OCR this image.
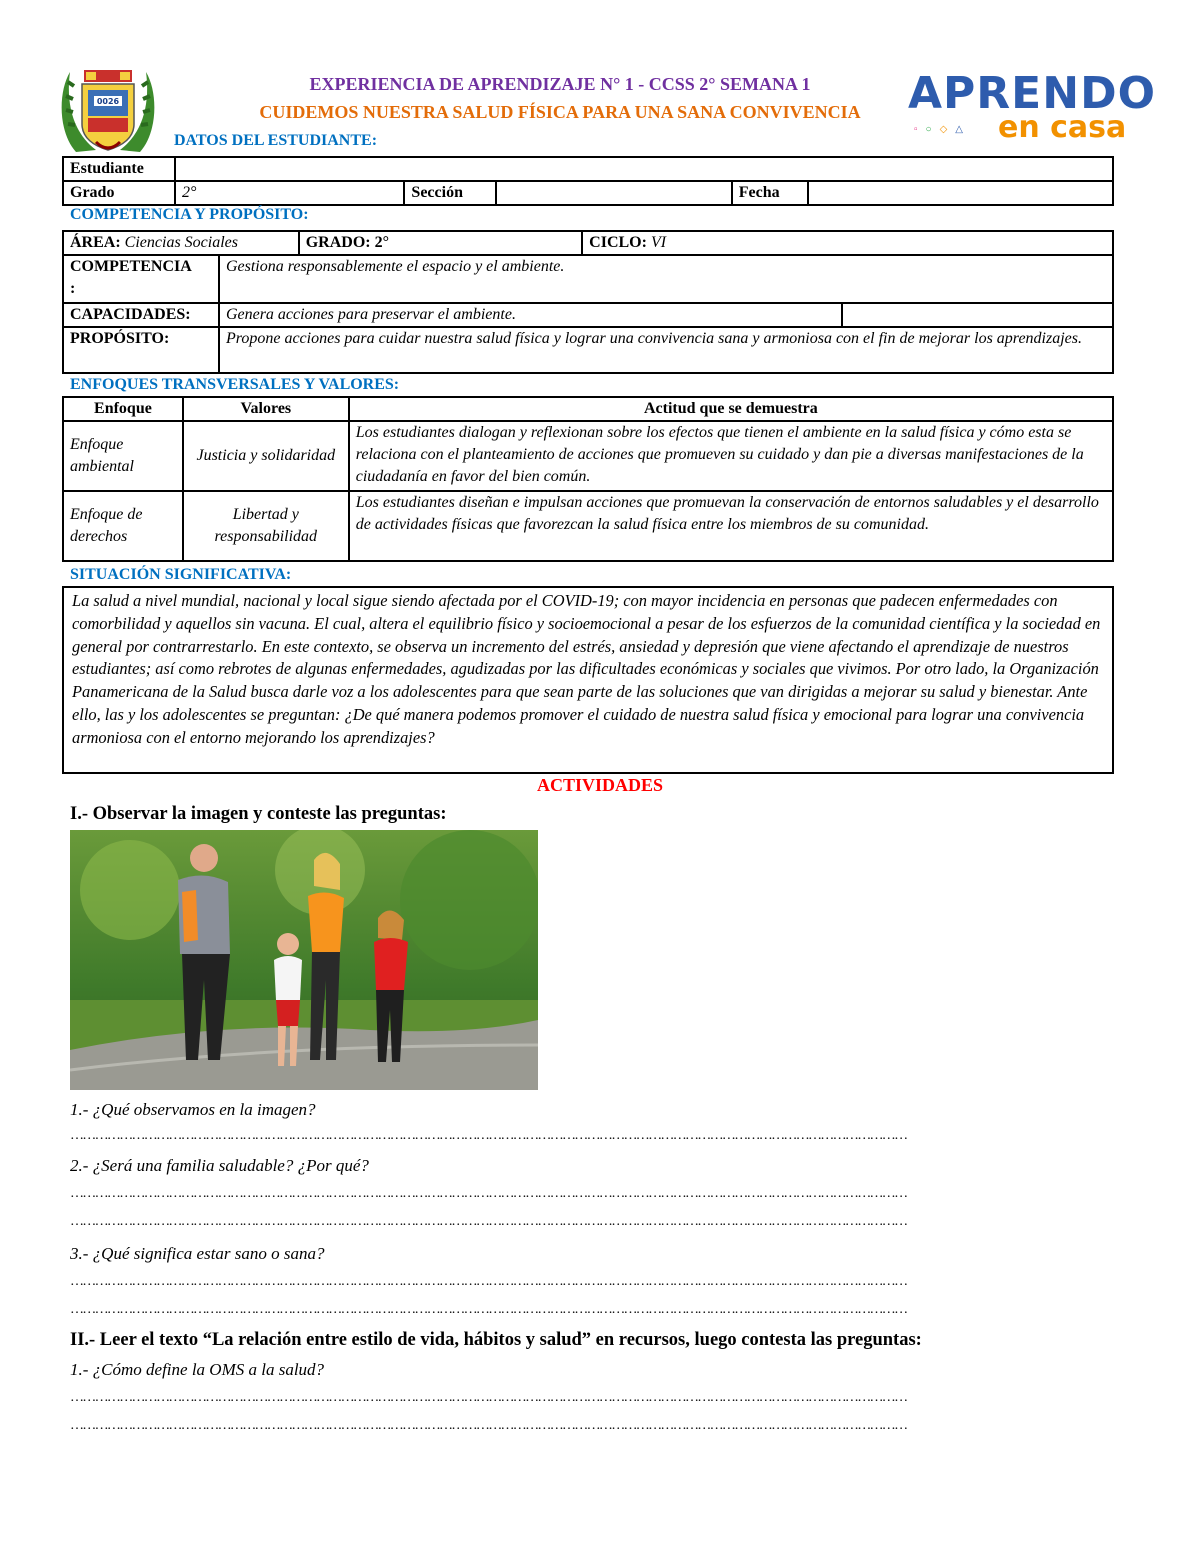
0026
EXPERIENCIA DE APRENDIZAJE N° 1 - CCSS 2° SEMANA 1
CUIDEMOS NUESTRA SALUD FÍSICA PARA UNA SANA CONVIVENCIA	APRENDO
en casa
▫○◇△
DATOS DEL ESTUDIANTE:
Estudiante					
Grado	2°	Sección		Fecha	
COMPETENCIA Y PROPÓSITO:
ÁREA: Ciencias Sociales		GRADO: 2°	CICLO: VI	

COMPETENCIA
:	Gestiona responsablemente el espacio y el ambiente.			
CAPACIDADES:	Genera acciones para preservar el ambiente.			
PROPÓSITO:	Propone acciones para cuidar nuestra salud física y lograr una convivencia sana y armoniosa con el fin de mejorar los aprendizajes.			
ENFOQUES TRANSVERSALES Y VALORES:
Enfoque	Valores	Actitud que se demuestra
Enfoque ambiental	Justicia y solidaridad	Los estudiantes dialogan y reflexionan sobre los efectos que tienen el ambiente en la salud física y cómo esta se relaciona con el planteamiento de acciones que promueven su cuidado y dan pie a diversas manifestaciones de la ciudadanía en favor del bien común.
Enfoque de derechos	Libertad y responsabilidad	Los estudiantes diseñan e impulsan acciones que promuevan la conservación de entornos saludables y el desarrollo de actividades físicas que favorezcan la salud física entre los miembros de su comunidad.
SITUACIÓN SIGNIFICATIVA:
La salud a nivel mundial, nacional y local sigue siendo afectada por el COVID-19; con mayor incidencia en personas que padecen enfermedades con comorbilidad y aquellos sin vacuna. El cual, altera el equilibrio físico y socioemocional a pesar de los esfuerzos de la comunidad científica y la sociedad en general por contrarrestarlo. En este contexto, se observa un incremento del estrés, ansiedad y depresión que viene afectando el aprendizaje de nuestros estudiantes; así como rebrotes de algunas enfermedades, agudizadas por las dificultades económicas y sociales que vivimos. Por otro lado, la Organización Panamericana de la Salud busca darle voz a los adolescentes para que sean parte de las soluciones que van dirigidas a mejorar su salud y bienestar. Ante ello, las y los adolescentes se preguntan: ¿De qué manera podemos promover el cuidado de nuestra salud física y emocional para lograr una convivencia armoniosa con el entorno mejorando los aprendizajes?
ACTIVIDADES
I.- Observar la imagen y conteste las preguntas:
1.- ¿Qué observamos en la imagen?
……………………………………………………………………………………………………………………………………………………………………………………
2.- ¿Será una familia saludable? ¿Por qué?
……………………………………………………………………………………………………………………………………………………………………………………
……………………………………………………………………………………………………………………………………………………………………………………
3.- ¿Qué significa estar sano o sana?
……………………………………………………………………………………………………………………………………………………………………………………
……………………………………………………………………………………………………………………………………………………………………………………
II.- Leer el texto “La relación entre estilo de vida, hábitos y salud” en recursos, luego contesta las preguntas:
1.- ¿Cómo define la OMS a la salud?
……………………………………………………………………………………………………………………………………………………………………………………
……………………………………………………………………………………………………………………………………………………………………………………
